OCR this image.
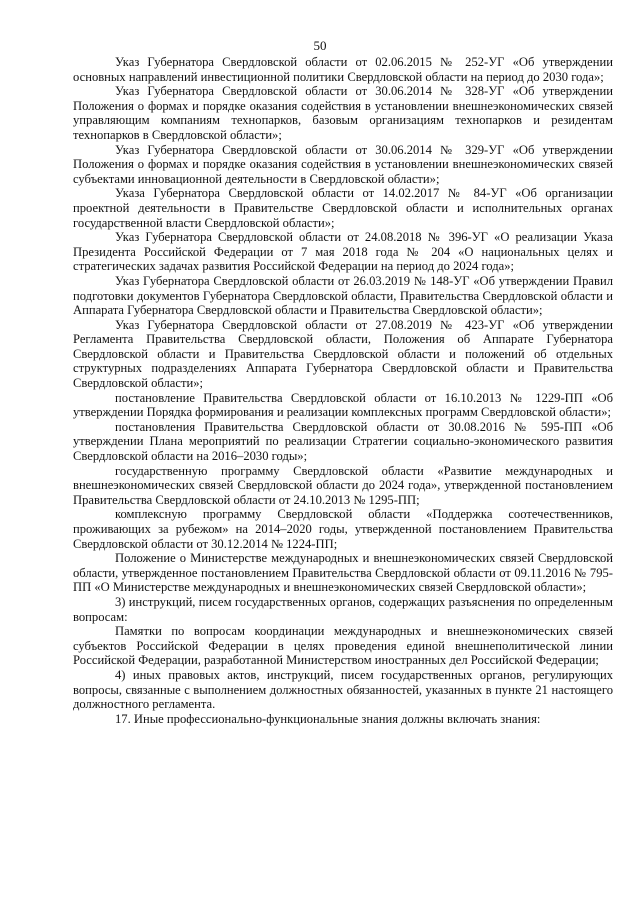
50

Указ Губернатора Свердловской области от 02.06.2015 № 252-УГ «Об утверждении основных направлений инвестиционной политики Свердловской области на период до 2030 года»;

Указ Губернатора Свердловской области от 30.06.2014 № 328-УГ «Об утверждении Положения о формах и порядке оказания содействия в установлении внешнеэкономических связей управляющим компаниям технопарков, базовым организациям технопарков и резидентам технопарков в Свердловской области»;

Указ Губернатора Свердловской области от 30.06.2014 № 329-УГ «Об утверждении Положения о формах и порядке оказания содействия в установлении внешнеэкономических связей субъектами инновационной деятельности в Свердловской области»;

Указа Губернатора Свердловской области от 14.02.2017 № 84-УГ «Об организации проектной деятельности в Правительстве Свердловской области и исполнительных органах государственной власти Свердловской области»;

Указ Губернатора Свердловской области от 24.08.2018 № 396-УГ «О реализации Указа Президента Российской Федерации от 7 мая 2018 года № 204 «О национальных целях и стратегических задачах развития Российской Федерации на период до 2024 года»;

Указ Губернатора Свердловской области от 26.03.2019 № 148-УГ «Об утверждении Правил подготовки документов Губернатора Свердловской области, Правительства Свердловской области и Аппарата Губернатора Свердловской области и Правительства Свердловской области»;

Указ Губернатора Свердловской области от 27.08.2019 № 423-УГ «Об утверждении Регламента Правительства Свердловской области, Положения об Аппарате Губернатора Свердловской области и Правительства Свердловской области и положений об отдельных структурных подразделениях Аппарата Губернатора Свердловской области и Правительства Свердловской области»;

постановление Правительства Свердловской области от 16.10.2013 № 1229-ПП «Об утверждении Порядка формирования и реализации комплексных программ Свердловской области»;

постановления Правительства Свердловской области от 30.08.2016 № 595-ПП «Об утверждении Плана мероприятий по реализации Стратегии социально-экономического развития Свердловской области на 2016–2030 годы»;

государственную программу Свердловской области «Развитие международных и внешнеэкономических связей Свердловской области до 2024 года», утвержденной постановлением Правительства Свердловской области от 24.10.2013 № 1295-ПП;

комплексную программу Свердловской области «Поддержка соотечественников, проживающих за рубежом» на 2014–2020 годы, утвержденной постановлением Правительства Свердловской области от 30.12.2014 № 1224-ПП;

Положение о Министерстве международных и внешнеэкономических связей Свердловской области, утвержденное постановлением Правительства Свердловской области от 09.11.2016 № 795-ПП «О Министерстве международных и внешнеэкономических связей Свердловской области»;

3) инструкций, писем государственных органов, содержащих разъяснения по определенным вопросам:

Памятки по вопросам координации международных и внешнеэкономических связей субъектов Российской Федерации в целях проведения единой внешнеполитической линии Российской Федерации, разработанной Министерством иностранных дел Российской Федерации;

4) иных правовых актов, инструкций, писем государственных органов, регулирующих вопросы, связанные с выполнением должностных обязанностей, указанных в пункте 21 настоящего должностного регламента.

17. Иные профессионально-функциональные знания должны включать знания:
